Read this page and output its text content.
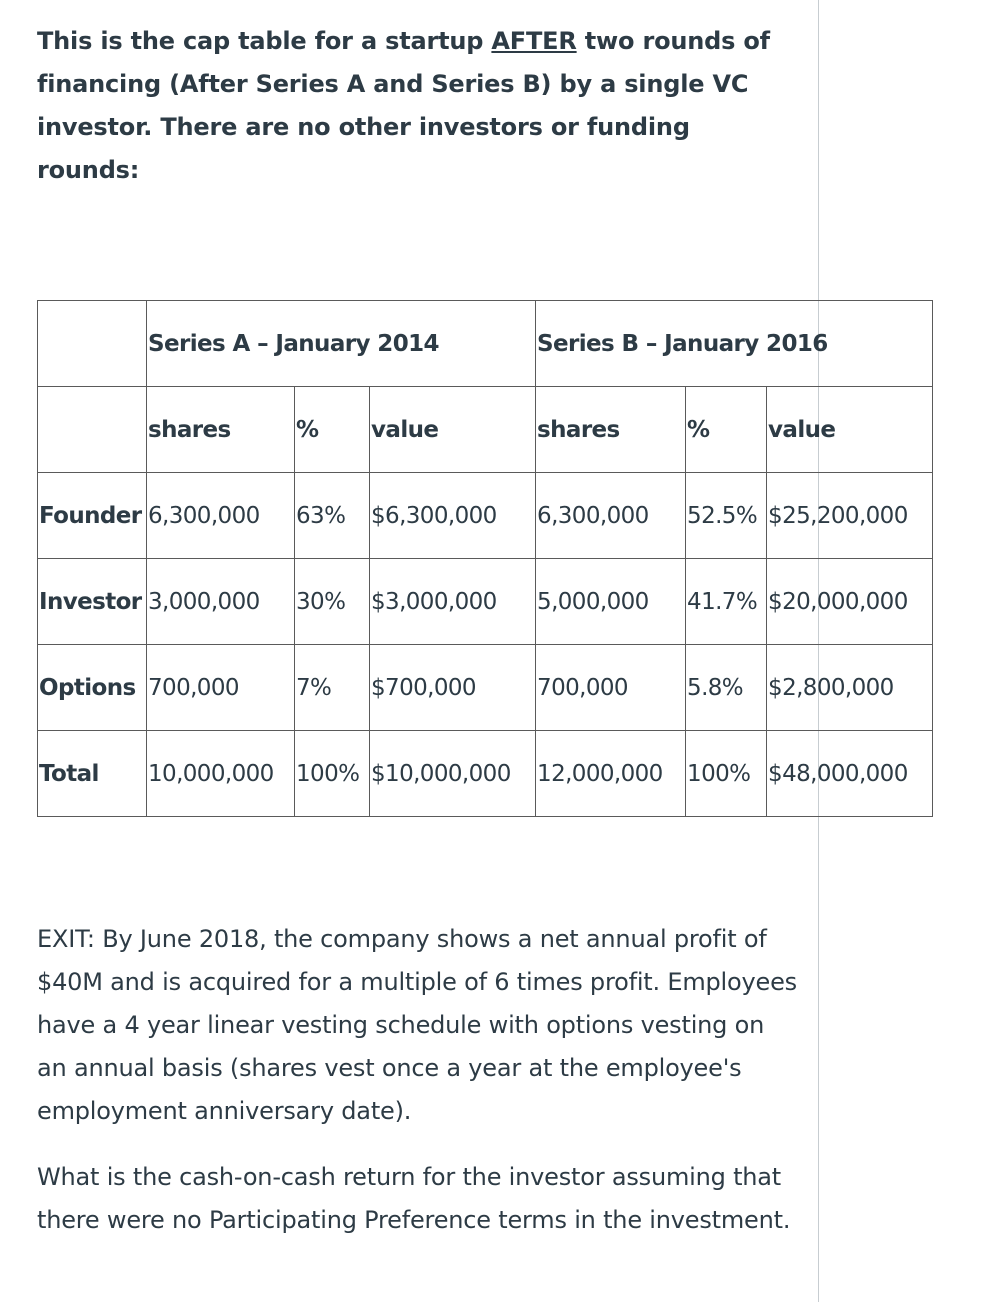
This is the cap table for a startup AFTER two rounds of financing (After Series A and Series B) by a single VC investor. There are no other investors or funding rounds:

	Series A – January 2014			Series B – January 2016		
	shares	%	value	shares	%	value
Founder	6,300,000	63%	$6,300,000	6,300,000	52.5%	$25,200,000
Investor	3,000,000	30%	$3,000,000	5,000,000	41.7%	$20,000,000
Options	700,000	7%	$700,000	700,000	5.8%	$2,800,000
Total	10,000,000	100%	$10,000,000	12,000,000	100%	$48,000,000

EXIT: By June 2018, the company shows a net annual profit of $40M and is acquired for a multiple of 6 times profit. Employees have a 4 year linear vesting schedule with options vesting on an annual basis (shares vest once a year at the employee's employment anniversary date).

What is the cash-on-cash return for the investor assuming that there were no Participating Preference terms in the investment.
